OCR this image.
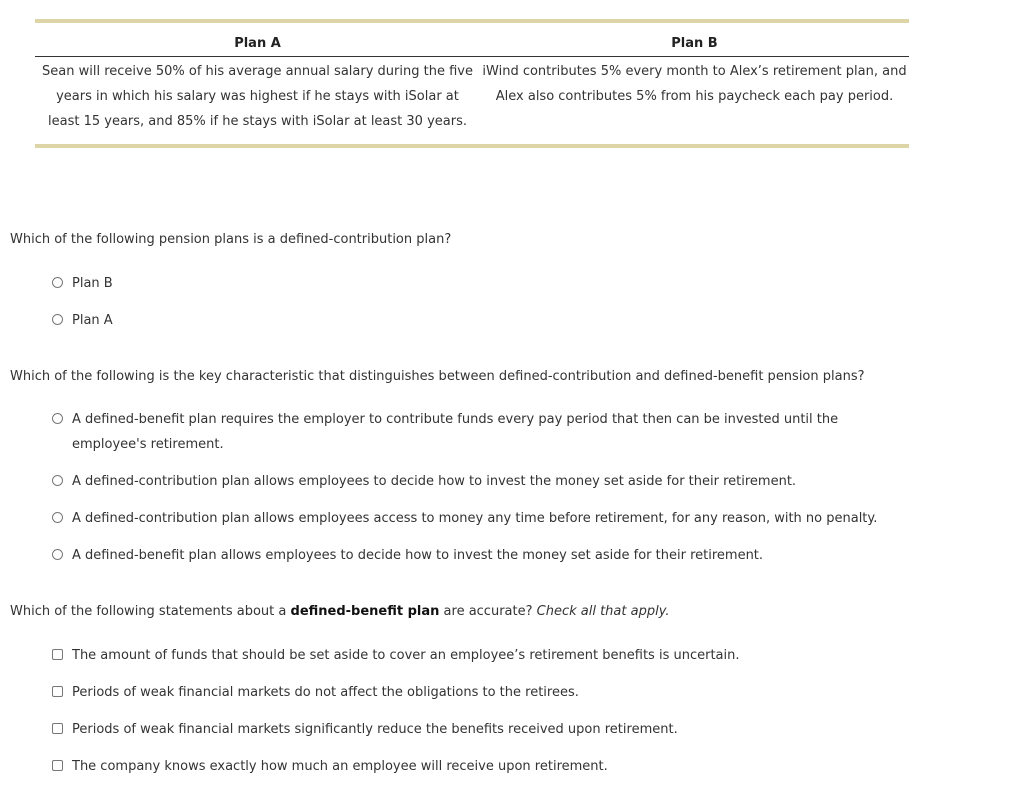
Plan A	Plan B
Sean will receive 50% of his average annual salary during the five years in which his salary was highest if he stays with iSolar at least 15 years, and 85% if he stays with iSolar at least 30 years.	iWind contributes 5% every month to Alex’s retirement plan, and Alex also contributes 5% from his paycheck each pay period.
Which of the following pension plans is a defined-contribution plan?
Plan B
Plan A
Which of the following is the key characteristic that distinguishes between defined-contribution and defined-benefit pension plans?
A defined-benefit plan requires the employer to contribute funds every pay period that then can be invested until the employee's retirement.
A defined-contribution plan allows employees to decide how to invest the money set aside for their retirement.
A defined-contribution plan allows employees access to money any time before retirement, for any reason, with no penalty.
A defined-benefit plan allows employees to decide how to invest the money set aside for their retirement.
Which of the following statements about a defined-benefit plan are accurate? Check all that apply.
The amount of funds that should be set aside to cover an employee’s retirement benefits is uncertain.
Periods of weak financial markets do not affect the obligations to the retirees.
Periods of weak financial markets significantly reduce the benefits received upon retirement.
The company knows exactly how much an employee will receive upon retirement.
